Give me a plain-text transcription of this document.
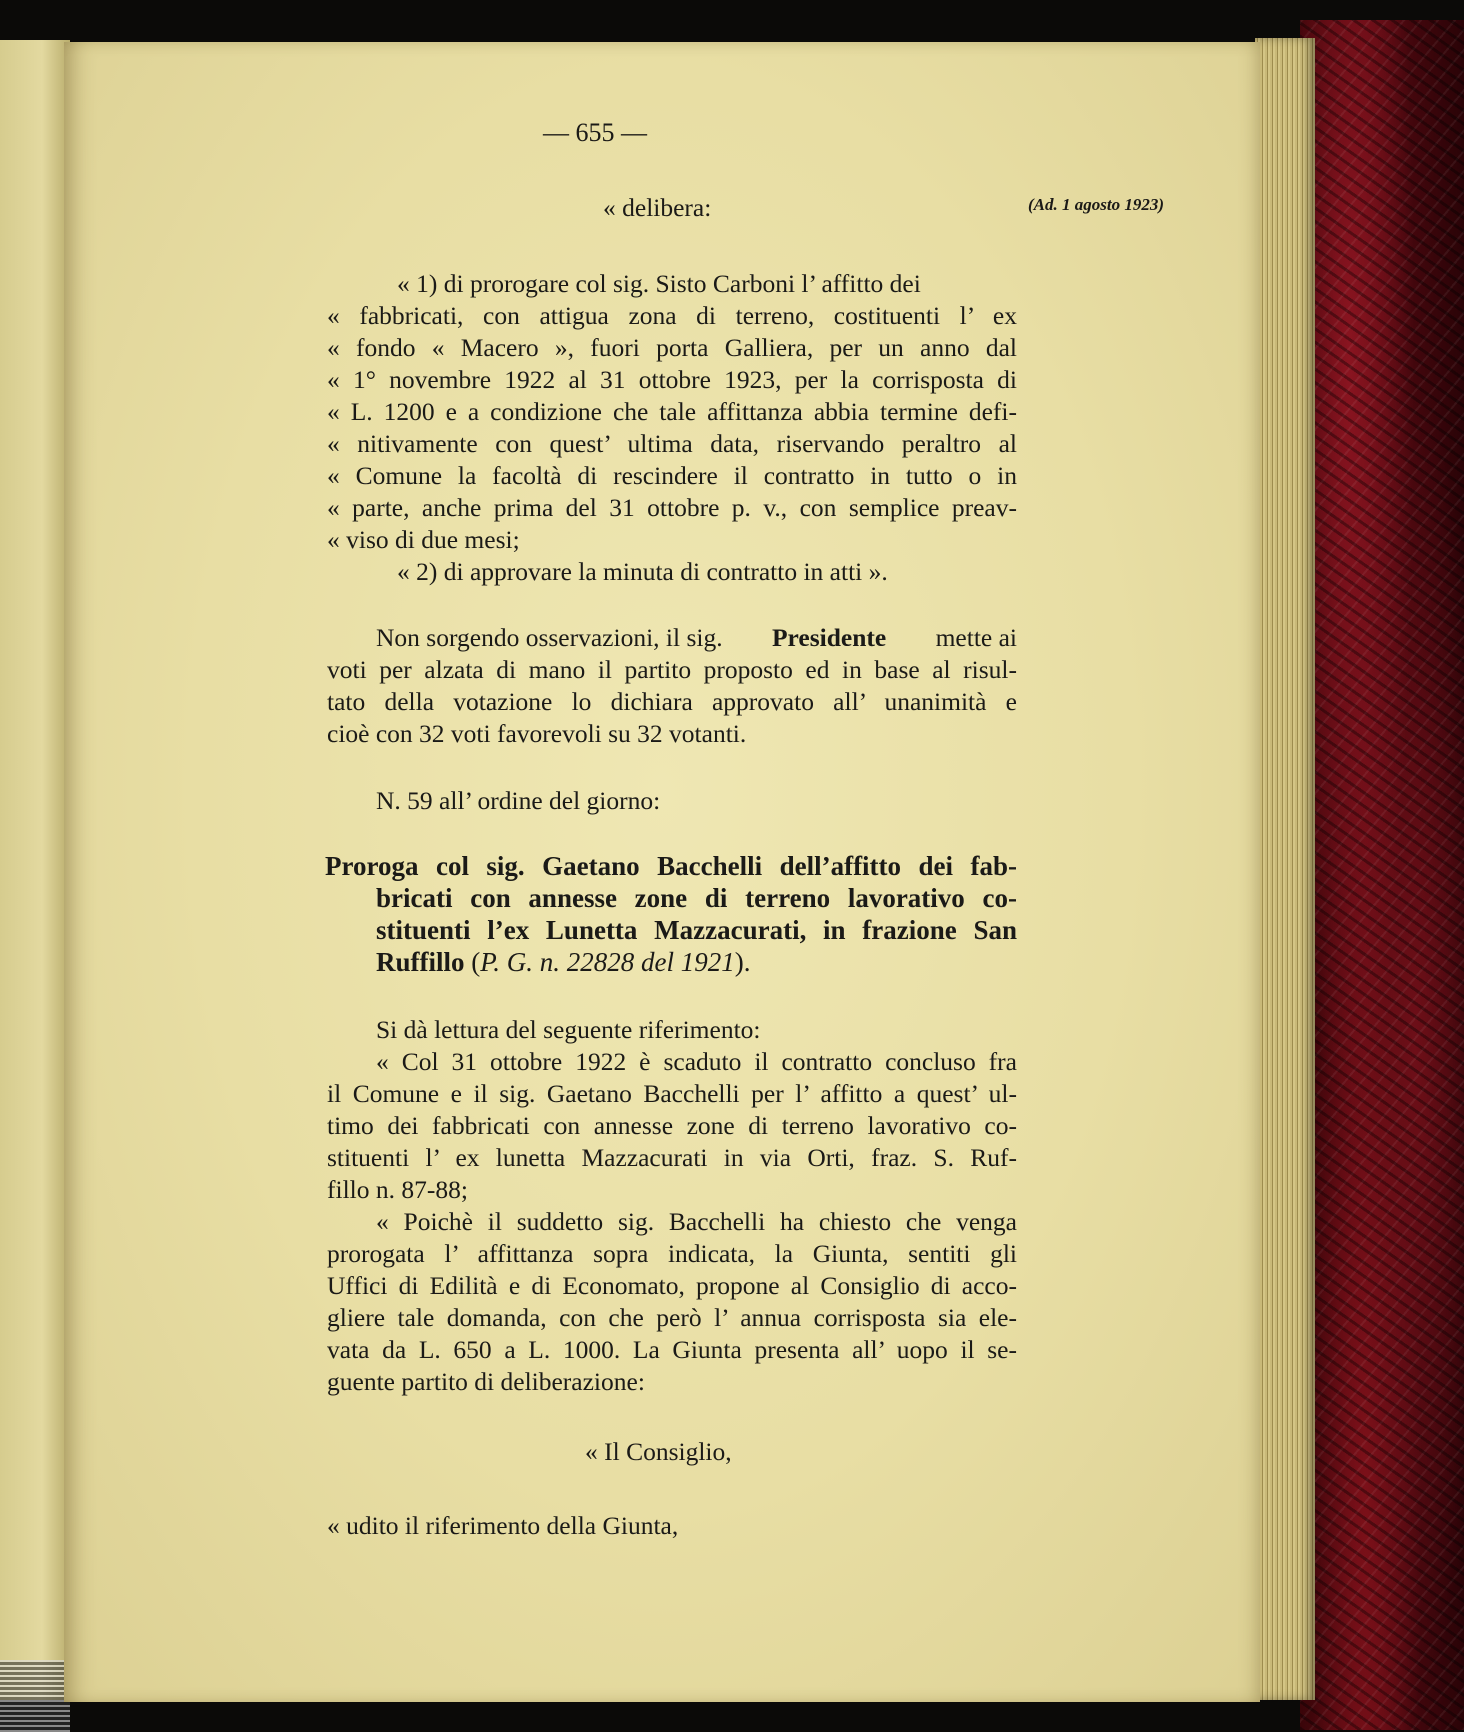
— 655 —
(Ad. 1 agosto 1923)

« delibera:

« 1) di prorogare col sig. Sisto Carboni l’ affitto dei

« fabbricati, con attigua zona di terreno, costituenti l’ ex

« fondo « Macero », fuori porta Galliera, per un anno dal

« 1° novembre 1922 al 31 ottobre 1923, per la corrisposta di

« L. 1200 e a condizione che tale affittanza abbia termine defi-

« nitivamente con quest’ ultima data, riservando peraltro al

« Comune la facoltà di rescindere il contratto in tutto o in

« parte, anche prima del 31 ottobre p. v., con semplice preav-

« viso di due mesi;

« 2) di approvare la minuta di contratto in atti ».

Non sorgendo osservazioni, il sig. Presidente mette ai

voti per alzata di mano il partito proposto ed in base al risul-

tato della votazione lo dichiara approvato all’ unanimità e

cioè con 32 voti favorevoli su 32 votanti.

N. 59 all’ ordine del giorno:

Proroga col sig. Gaetano Bacchelli dell’affitto dei fab-

bricati con annesse zone di terreno lavorativo co-

stituenti l’ex Lunetta Mazzacurati, in frazione San

Ruffillo (P. G. n. 22828 del 1921).

Si dà lettura del seguente riferimento:

« Col 31 ottobre 1922 è scaduto il contratto concluso fra

il Comune e il sig. Gaetano Bacchelli per l’ affitto a quest’ ul-

timo dei fabbricati con annesse zone di terreno lavorativo co-

stituenti l’ ex lunetta Mazzacurati in via Orti, fraz. S. Ruf-

fillo n. 87-88;

« Poichè il suddetto sig. Bacchelli ha chiesto che venga

prorogata l’ affittanza sopra indicata, la Giunta, sentiti gli

Uffici di Edilità e di Economato, propone al Consiglio di acco-

gliere tale domanda, con che però l’ annua corrisposta sia ele-

vata da L. 650 a L. 1000. La Giunta presenta all’ uopo il se-

guente partito di deliberazione:

« Il Consiglio,

« udito il riferimento della Giunta,
